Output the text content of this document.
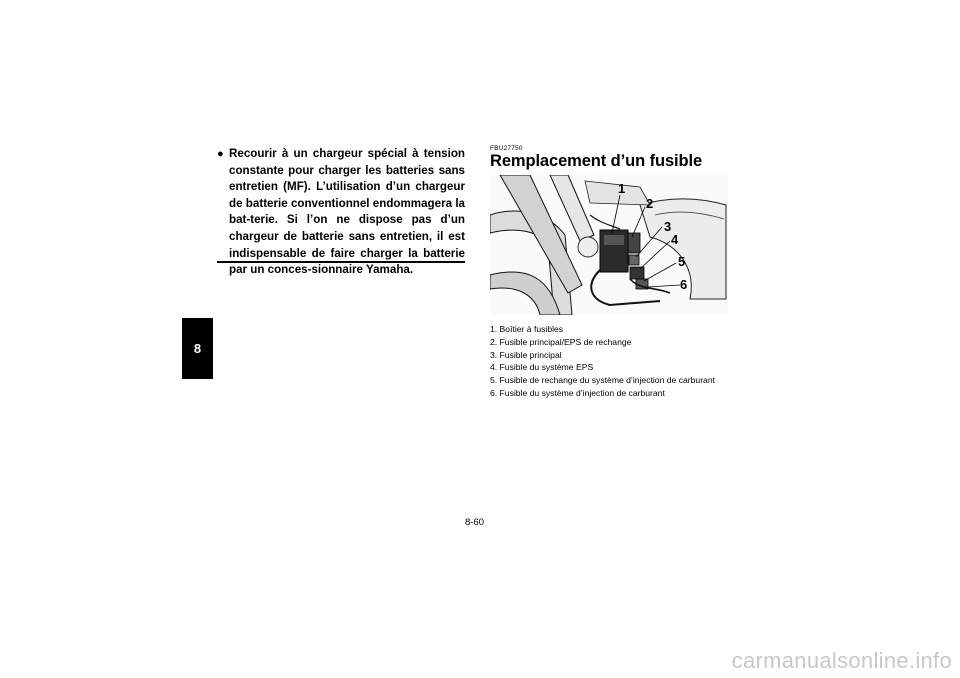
8
● Recourir à un chargeur spécial à tension constante pour charger les batteries sans entretien (MF). L’utilisation d’un chargeur de batterie conventionnel endommagera la bat-terie. Si l’on ne dispose pas d’un chargeur de batterie sans entretien, il est indispensable de faire charger la batterie par un conces-sionnaire Yamaha.
FBU27750
Remplacement d’un fusible
1
2
3
4
5
6
1. Boîtier à fusibles
2. Fusible principal/EPS de rechange
3. Fusible principal
4. Fusible du système EPS
5. Fusible de rechange du système d’injection de carburant
6. Fusible du système d’injection de carburant
8-60
carmanualsonline.info
